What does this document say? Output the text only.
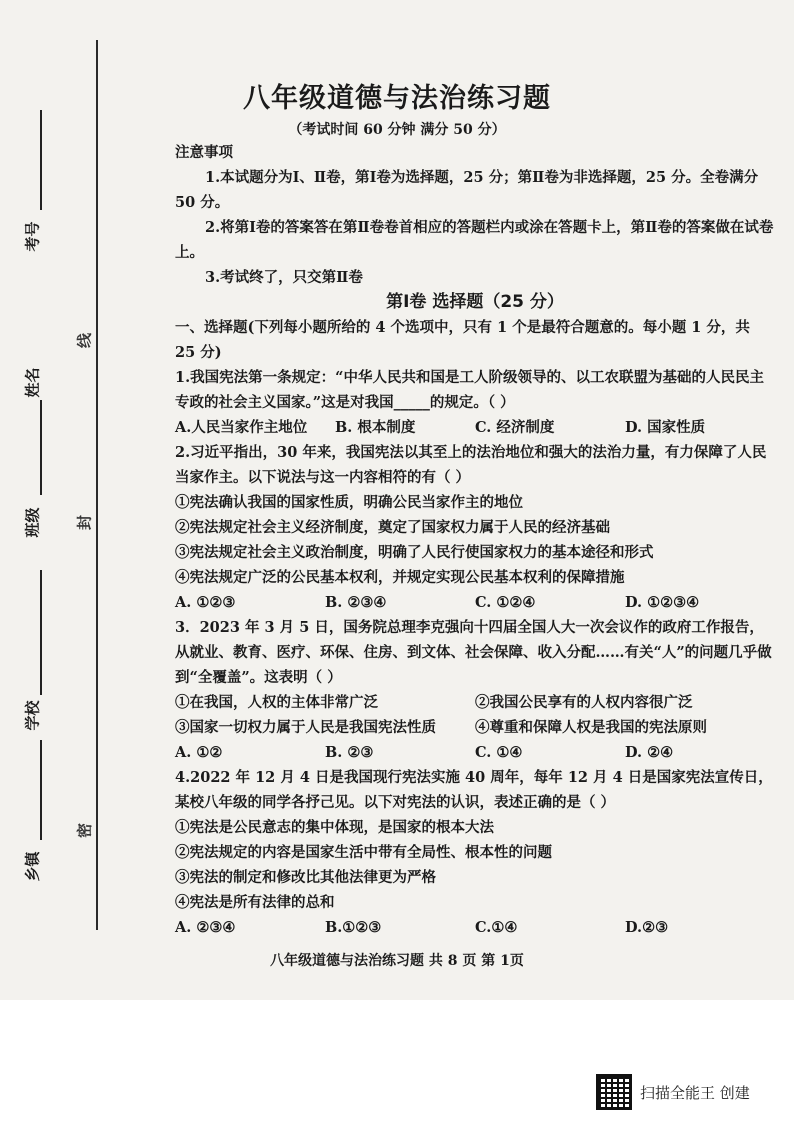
考号
姓名
班级
学校
乡镇
密
封
线
八年级道德与法治练习题
（考试时间 60 分钟 满分 50 分）

注意事项

1.本试题分为Ⅰ、Ⅱ卷，第Ⅰ卷为选择题，25 分；第Ⅱ卷为非选择题，25 分。全卷满分 50 分。

2.将第Ⅰ卷的答案答在第Ⅱ卷卷首相应的答题栏内或涂在答题卡上，第Ⅱ卷的答案做在试卷上。

3.考试终了，只交第Ⅱ卷

第Ⅰ卷 选择题（25 分）

一、选择题(下列每小题所给的 4 个选项中，只有 1 个是最符合题意的。每小题 1 分，共 25 分)

1.我国宪法第一条规定：“中华人民共和国是工人阶级领导的、以工农联盟为基础的人民民主专政的社会主义国家。”这是对我国_____的规定。（ ）

A.人民当家作主地位	B. 根本制度	C. 经济制度	D. 国家性质

2.习近平指出，30 年来，我国宪法以其至上的法治地位和强大的法治力量，有力保障了人民当家作主。以下说法与这一内容相符的有（ ）

①宪法确认我国的国家性质，明确公民当家作主的地位

②宪法规定社会主义经济制度，奠定了国家权力属于人民的经济基础

③宪法规定社会主义政治制度，明确了人民行使国家权力的基本途径和形式

④宪法规定广泛的公民基本权利，并规定实现公民基本权利的保障措施

A. ①②③	B. ②③④	C. ①②④	D. ①②③④

3．2023 年 3 月 5 日，国务院总理李克强向十四届全国人大一次会议作的政府工作报告，从就业、教育、医疗、环保、住房、到文体、社会保障、收入分配……有关“人”的问题几乎做到“全覆盖”。这表明（ ）

①在我国，人权的主体非常广泛	②我国公民享有的人权内容很广泛
③国家一切权力属于人民是我国宪法性质	④尊重和保障人权是我国的宪法原则
A. ①②	B. ②③	C. ①④	D. ②④

4.2022 年 12 月 4 日是我国现行宪法实施 40 周年，每年 12 月 4 日是国家宪法宣传日，某校八年级的同学各抒己见。以下对宪法的认识，表述正确的是（ ）

①宪法是公民意志的集中体现，是国家的根本大法

②宪法规定的内容是国家生活中带有全局性、根本性的问题

③宪法的制定和修改比其他法律更为严格

④宪法是所有法律的总和

A. ②③④	B.①②③	C.①④	D.②③
八年级道德与法治练习题 共 8 页 第 1页
扫描全能王 创建
